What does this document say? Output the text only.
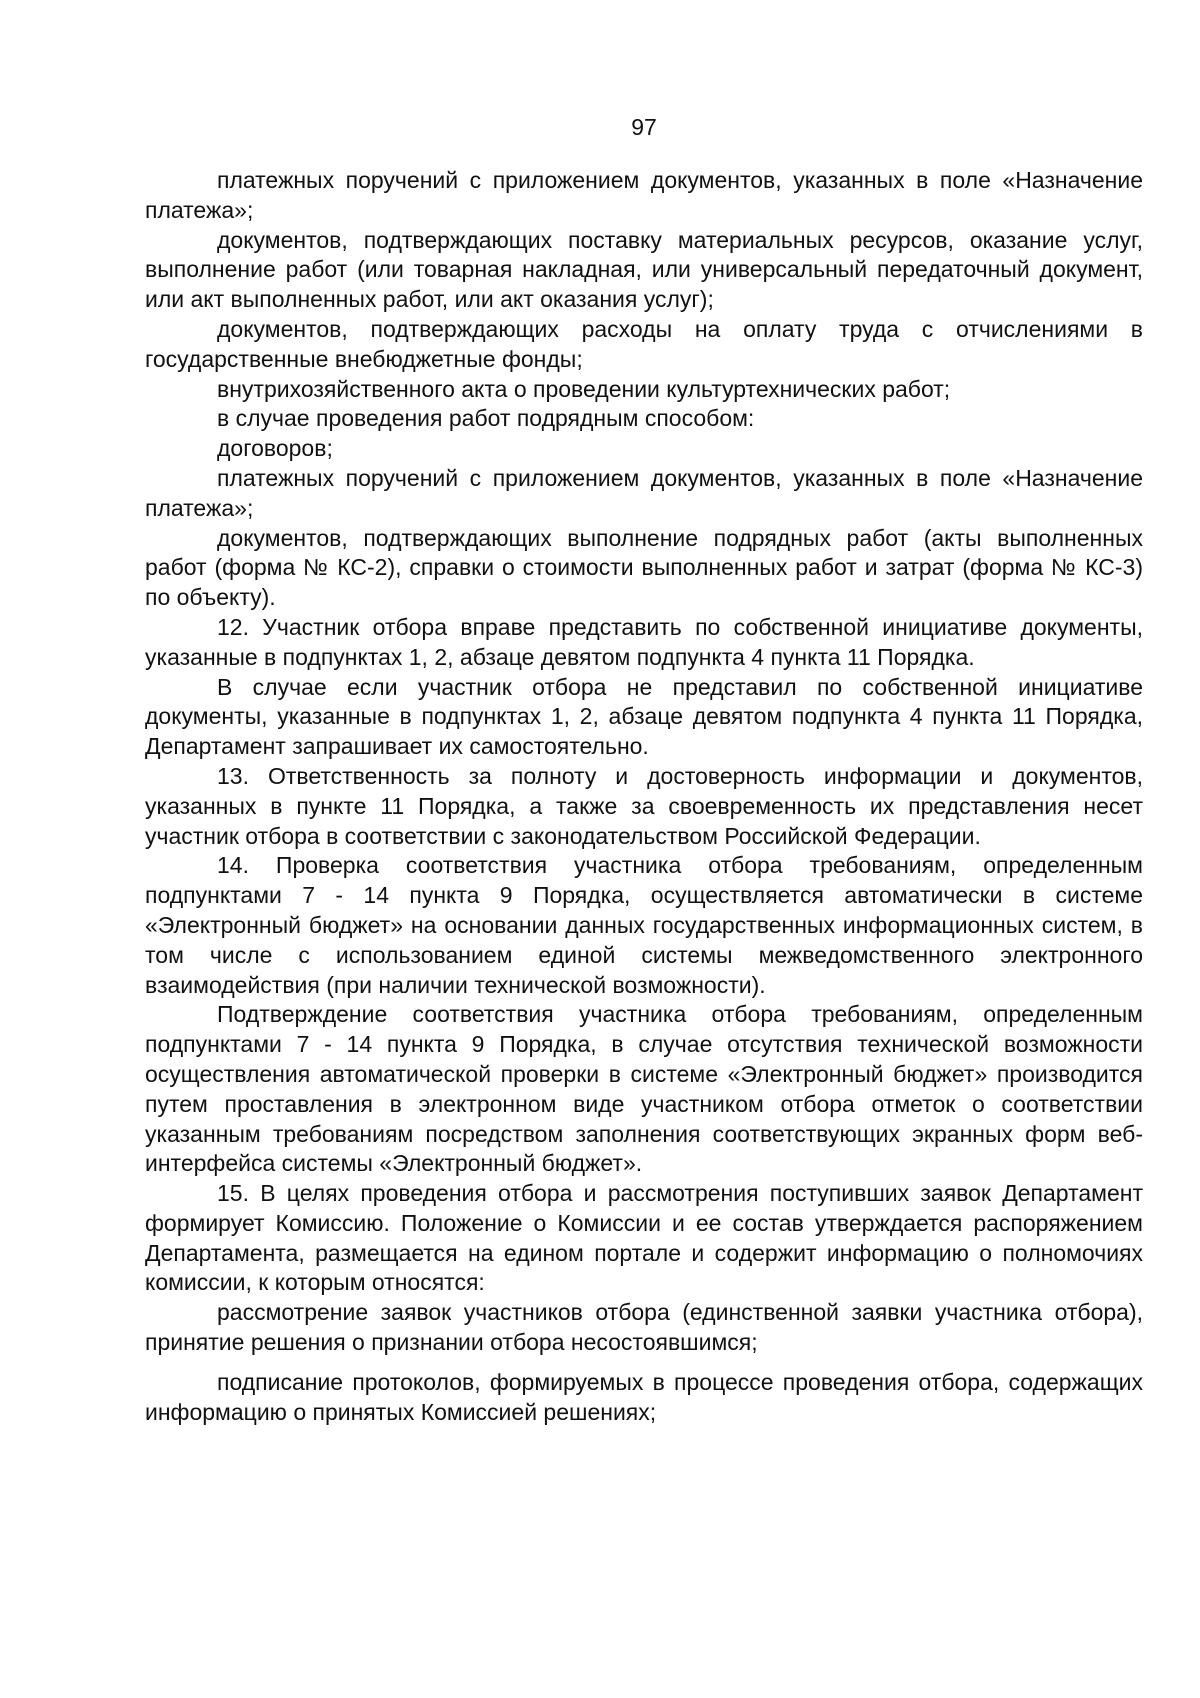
97

платежных поручений с приложением документов, указанных в поле «Назначение платежа»;

документов, подтверждающих поставку материальных ресурсов, оказание услуг, выполнение работ (или товарная накладная, или универсальный передаточный документ, или акт выполненных работ, или акт оказания услуг);

документов, подтверждающих расходы на оплату труда с отчислениями в государственные внебюджетные фонды;

внутрихозяйственного акта о проведении культуртехнических работ;

в случае проведения работ подрядным способом:

договоров;

платежных поручений с приложением документов, указанных в поле «Назначение платежа»;

документов, подтверждающих выполнение подрядных работ (акты выполненных работ (форма № КС-2), справки о стоимости выполненных работ и затрат (форма № КС-3) по объекту).

12. Участник отбора вправе представить по собственной инициативе документы, указанные в подпунктах 1, 2, абзаце девятом подпункта 4 пункта 11 Порядка.

В случае если участник отбора не представил по собственной инициативе документы, указанные в подпунктах 1, 2, абзаце девятом подпункта 4 пункта 11 Порядка, Департамент запрашивает их самостоятельно.

13. Ответственность за полноту и достоверность информации и документов, указанных в пункте 11 Порядка, а также за своевременность их представления несет участник отбора в соответствии с законодательством Российской Федерации.

14. Проверка соответствия участника отбора требованиям, определенным подпунктами 7 - 14 пункта 9 Порядка, осуществляется автоматически в системе «Электронный бюджет» на основании данных государственных информационных систем, в том числе с использованием единой системы межведомственного электронного взаимодействия (при наличии технической возможности).

Подтверждение соответствия участника отбора требованиям, определенным подпунктами 7 - 14 пункта 9 Порядка, в случае отсутствия технической возможности осуществления автоматической проверки в системе «Электронный бюджет» производится путем проставления в электронном виде участником отбора отметок о соответствии указанным требованиям посредством заполнения соответствующих экранных форм веб-интерфейса системы «Электронный бюджет».

15. В целях проведения отбора и рассмотрения поступивших заявок Департамент формирует Комиссию. Положение о Комиссии и ее состав утверждается распоряжением Департамента, размещается на едином портале и содержит информацию о полномочиях комиссии, к которым относятся:

рассмотрение заявок участников отбора (единственной заявки участника отбора), принятие решения о признании отбора несостоявшимся;

подписание протоколов, формируемых в процессе проведения отбора, содержащих информацию о принятых Комиссией решениях;
